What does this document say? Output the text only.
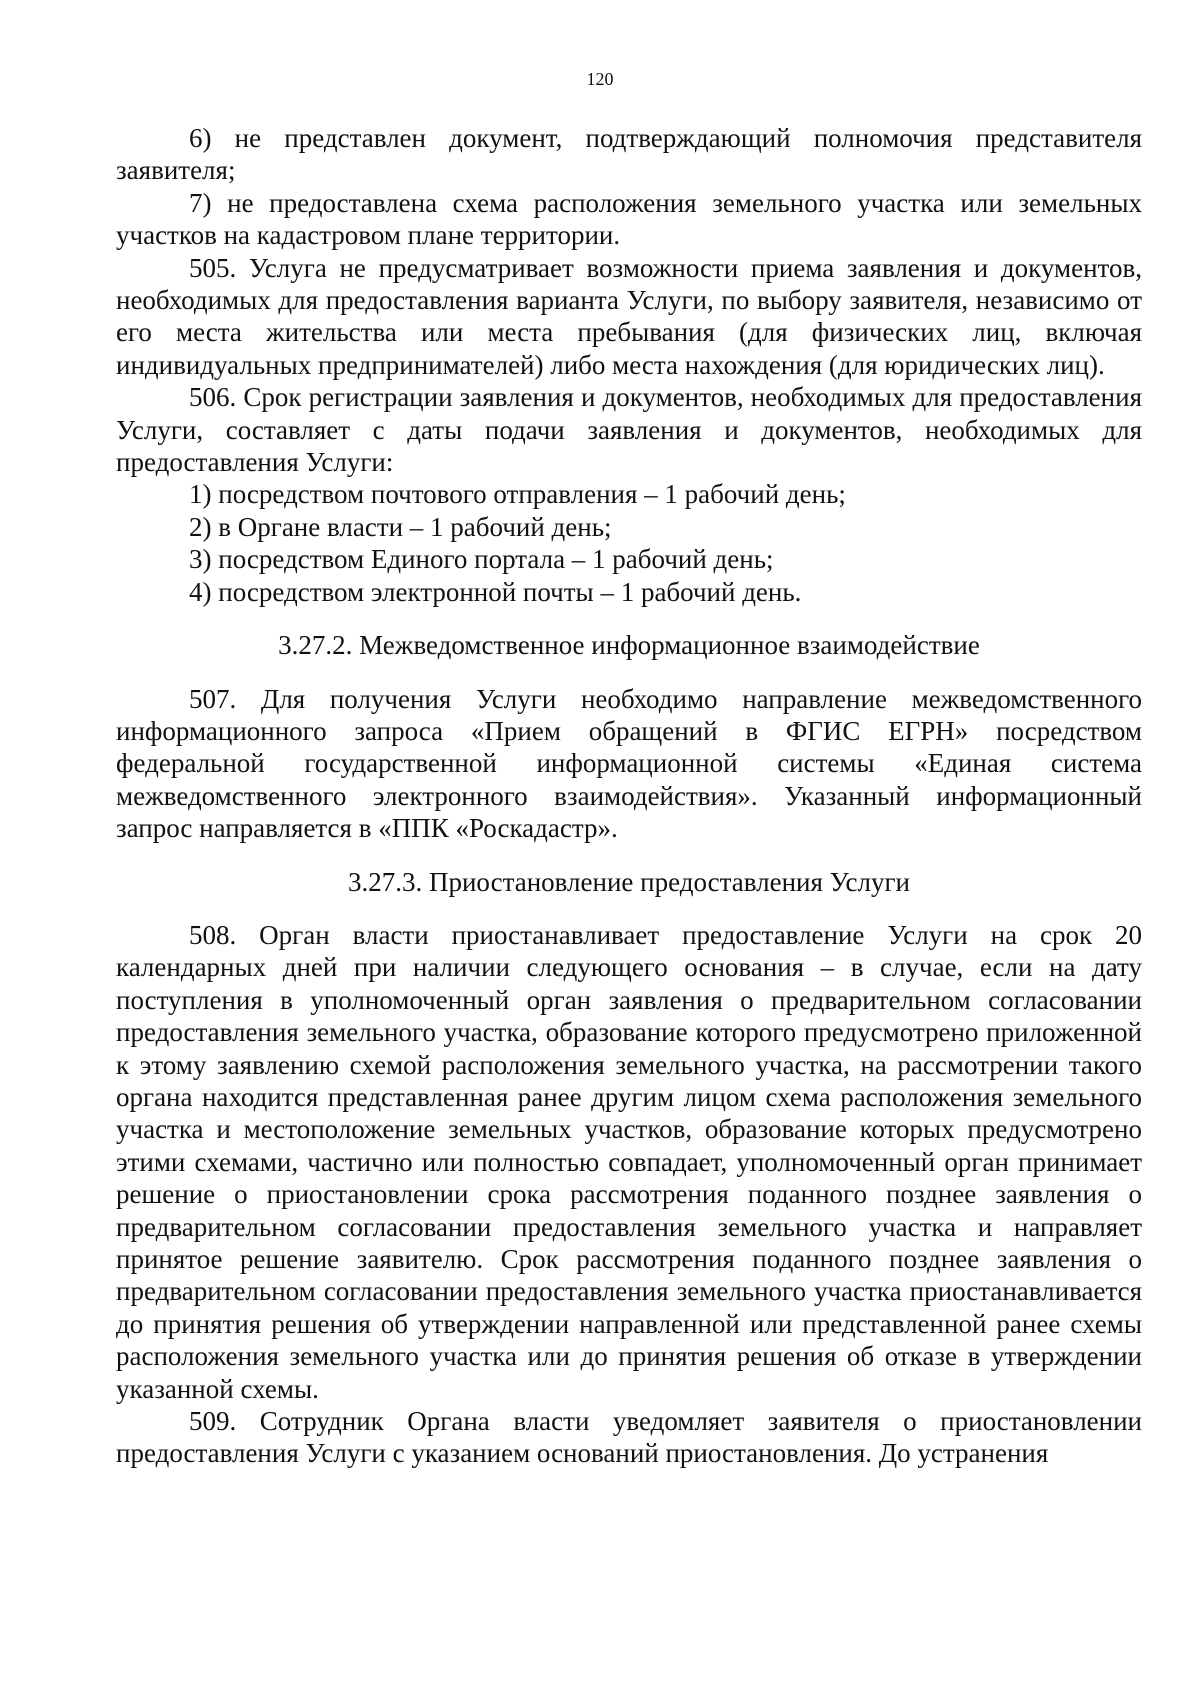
120

6) не представлен документ, подтверждающий полномочия представителя заявителя;

7) не предоставлена схема расположения земельного участка или земельных участков на кадастровом плане территории.

505. Услуга не предусматривает возможности приема заявления и документов, необходимых для предоставления варианта Услуги, по выбору заявителя, независимо от его места жительства или места пребывания (для физических лиц, включая индивидуальных предпринимателей) либо места нахождения (для юридических лиц).

506. Срок регистрации заявления и документов, необходимых для предоставления Услуги, составляет с даты подачи заявления и документов, необходимых для предоставления Услуги:

1) посредством почтового отправления – 1 рабочий день;

2) в Органе власти – 1 рабочий день;

3) посредством Единого портала – 1 рабочий день;

4) посредством электронной почты – 1 рабочий день.

3.27.2. Межведомственное информационное взаимодействие

507. Для получения Услуги необходимо направление межведомственного информационного запроса «Прием обращений в ФГИС ЕГРН» посредством федеральной государственной информационной системы «Единая система межведомственного электронного взаимодействия». Указанный информационный запрос направляется в «ППК «Роскадастр».

3.27.3. Приостановление предоставления Услуги

508. Орган власти приостанавливает предоставление Услуги на срок 20 календарных дней при наличии следующего основания – в случае, если на дату поступления в уполномоченный орган заявления о предварительном согласовании предоставления земельного участка, образование которого предусмотрено приложенной к этому заявлению схемой расположения земельного участка, на рассмотрении такого органа находится представленная ранее другим лицом схема расположения земельного участка и местоположение земельных участков, образование которых предусмотрено этими схемами, частично или полностью совпадает, уполномоченный орган принимает решение о приостановлении срока рассмотрения поданного позднее заявления о предварительном согласовании предоставления земельного участка и направляет принятое решение заявителю. Срок рассмотрения поданного позднее заявления о предварительном согласовании предоставления земельного участка приостанавливается до принятия решения об утверждении направленной или представленной ранее схемы расположения земельного участка или до принятия решения об отказе в утверждении указанной схемы.

509. Сотрудник Органа власти уведомляет заявителя о приостановлении предоставления Услуги с указанием оснований приостановления. До устранения
